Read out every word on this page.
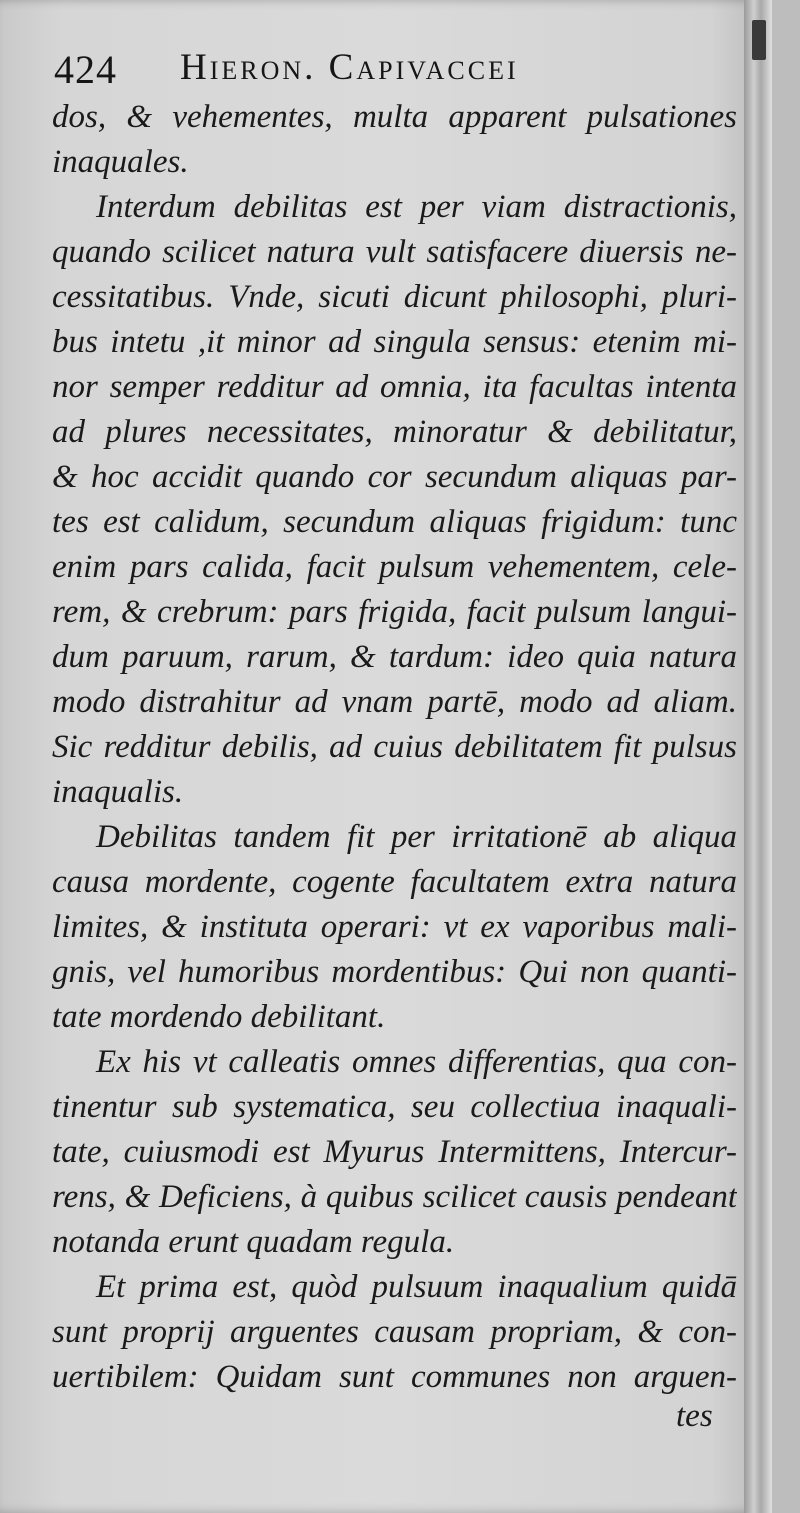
424 Hieron. Capivaccei
dos, & vehementes, multa apparent pulsationes
inaquales.
Interdum debilitas est per viam distractionis,
quando scilicet natura vult satisfacere diuersis ne-
cessitatibus. Vnde, sicuti dicunt philosophi, pluri-
bus intetu ,it minor ad singula sensus: etenim mi-
nor semper redditur ad omnia, ita facultas intenta
ad plures necessitates, minoratur & debilitatur,
& hoc accidit quando cor secundum aliquas par-
tes est calidum, secundum aliquas frigidum: tunc
enim pars calida, facit pulsum vehementem, cele-
rem, & crebrum: pars frigida, facit pulsum langui-
dum paruum, rarum, & tardum: ideo quia natura
modo distrahitur ad vnam partē, modo ad aliam.
Sic redditur debilis, ad cuius debilitatem fit pulsus
inaqualis.
Debilitas tandem fit per irritationē ab aliqua
causa mordente, cogente facultatem extra natura
limites, & instituta operari: vt ex vaporibus mali-
gnis, vel humoribus mordentibus: Qui non quanti-
tate mordendo debilitant.
Ex his vt calleatis omnes differentias, qua con-
tinentur sub systematica, seu collectiua inaquali-
tate, cuiusmodi est Myurus Intermittens, Intercur-
rens, & Deficiens, à quibus scilicet causis pendeant
notanda erunt quadam regula.
Et prima est, quòd pulsuum inaqualium quidā
sunt proprij arguentes causam propriam, & con-
uertibilem: Quidam sunt communes non arguen-
tes
